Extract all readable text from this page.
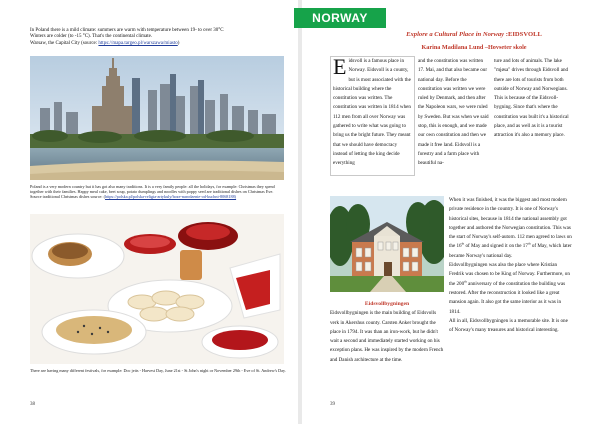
In Poland there is a mild climate: summers are warm with temperature between 19- to over 30°C
Winters are colder (to -15 °C). That's the continental climate.
Warsaw, the Capital City (source: https://mapa.targeo.pl/warszawa/miasto)
Poland is a very modern country but it has got also many traditions. It is a very family people: all the holidays, for example: Christmas they spend together with their families. Happy meal cake, beet soup, potato dumplings and noodles with poppy seed are traditional dishes on Christmas Eve. Source traditional Christmas dishes source: (https://polska.pl/polska-religia-artykuly/boze-narodzenie-od-kuchni-8068188)
There are having many different festivals, for example: Doc jeits - Harvest Day, June 21st - St John's night or November 29th - Eve of St. Andrew's Day.
38
NORWAY
Explore a Cultural Place in Norway :EIDSVOLL
Karina Madilana Lund –Hovseter skole
Eidsvoll is a famous place in Norway. Eidsvoll is a county, but is most associated with the historical building where the constitution was written. The constitution was written in 1814 when 112 men from all over Norway was gathered to write what was going to bring us the bright future. They meant that we should have democracy instead of letting the king decide everything
and the constitution was written 17. Mai, and that also became our national day. Before the constitution was written we were ruled by Denmark, and then after the Napoleon wars, we were ruled by Sweden. But was when we said stop, this is enough, and we made our own constitution and then we made it free land. Eidsvoll is a forestry and a farm place with beautiful na-
ture and lots of animals. The lake "mjøsa" drives through Eidsvoll and there are lots of tourists from both outside of Norway and Norwegians. This is because of the Eidsvoll-bygning. Since that's where the constitution was built it's a historical place, and as well as it is a tourist attraction it's also a memory place.
When it was finished, it was the biggest and most modern private residence in the country. It is one of Norway's historical sites, because in 1814 the national assembly got together and authored the Norwegian constitution. This was the start of Norway's self-autorn. 112 men agreed to laws on the 16th of May and signed it on the 17th of May, which later became Norway's national day.
Eidsvollbygningen was also the place where Kristian Fredrik was chosen to be King of Norway. Furthermore, on the 200th anniversary of the constitution the building was restored. After the reconstruction it looked like a great mansion again. It also got the same interior as it was in 1814.
All in all, Eidsvollbygningen is a memorable site. It is one of Norway's many treasures and historical interesting.
Eidsvollbygningen
Eidsvollbygningen is the main building of Eidsvolls verk in Akershus county. Carsten Anker brought the place in 1794. It was than an iron-work, but he didn't wait a second and immediately started working on his exception plans. He was inspired by the modern French and Danish architecture at the time.
39
